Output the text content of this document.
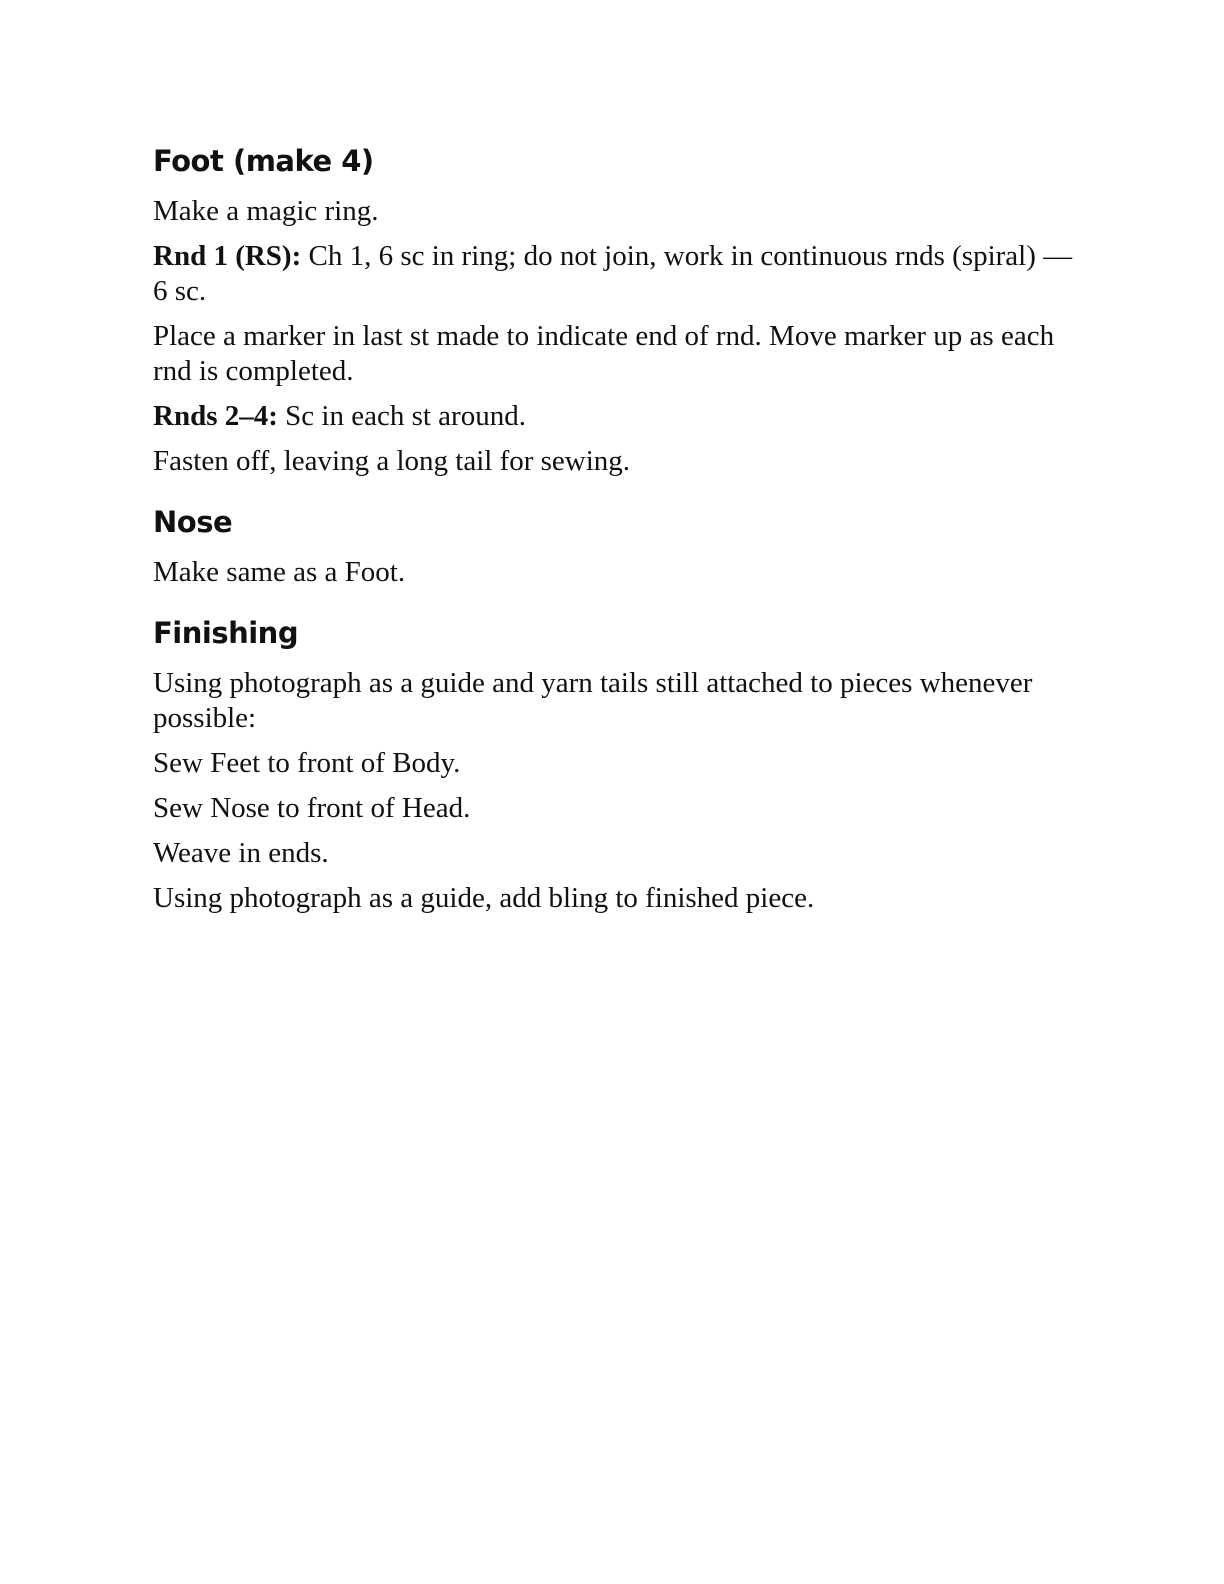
Foot (make 4)

Make a magic ring.

Rnd 1 (RS): Ch 1, 6 sc in ring; do not join, work in continuous rnds (spiral) —6 sc.

Place a marker in last st made to indicate end of rnd. Move marker up as each rnd is completed.

Rnds 2–4: Sc in each st around.

Fasten off, leaving a long tail for sewing.

Nose

Make same as a Foot.

Finishing

Using photograph as a guide and yarn tails still attached to pieces whenever possible:

Sew Feet to front of Body.

Sew Nose to front of Head.

Weave in ends.

Using photograph as a guide, add bling to finished piece.
